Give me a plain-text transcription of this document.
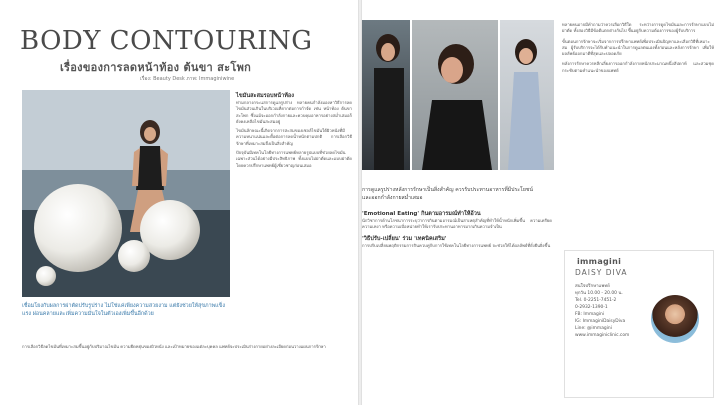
BODY CONTOURING
เรื่องของการลดหน้าท้อง ต้นขา สะโพก
เรื่อง: Beauty Desk ภาพ: Immaginiwine
เชื่อมโยงกับผลการผ่าตัดปรับรูปร่าง ไม่ใช่แค่เพียงความสวยงาม แต่ยังช่วยให้สุขภาพแข็งแรง ผ่อนคลายและเพิ่มความมั่นใจในตัวเองเพิ่มขึ้นอีกด้วย
ไขมันสะสมรอบหน้าท้อง

ท่ามกลางกระแสการดูแลรูปร่าง หลายคนกำลังมองหาวิธีการลดไขมันส่วนเกินในบริเวณที่ยากต่อการกำจัด เช่น หน้าท้อง ต้นขา สะโพก ซึ่งแม้จะออกกำลังกายและควบคุมอาหารอย่างสม่ำเสมอก็ยังคงเหลือไขมันสะสมอยู่

ไขมันลักษณะนี้เกิดจากการสะสมของเซลล์ไขมันใต้ผิวหนังที่มีความหนาแน่นและดื้อต่อการลดน้ำหนักตามปกติ การเลือกวิธีรักษาที่เหมาะสมจึงเป็นสิ่งสำคัญ

ปัจจุบันมีเทคโนโลยีทางการแพทย์หลายรูปแบบที่ช่วยลดไขมันเฉพาะส่วนได้อย่างมีประสิทธิภาพ ทั้งแบบไม่ผ่าตัดและแบบผ่าตัด โดยควรปรึกษาแพทย์ผู้เชี่ยวชาญก่อนเสมอ

การเลือกวิธีลดไขมันที่เหมาะสมขึ้นอยู่กับปริมาณไขมัน ความยืดหยุ่นของผิวหนัง และเป้าหมายของแต่ละบุคคล แพทย์จะประเมินร่างกายอย่างละเอียดก่อนวางแผนการรักษา

การดูแลรูปร่างหลังการรักษาเป็นสิ่งสำคัญ ควรรับประทานอาหารที่มีประโยชน์และออกกำลังกายสม่ำเสมอ
'Emotional Eating' กินตามอารมณ์ทำให้อ้วน

นักวิชาการด้านโภชนาการระบุว่าการกินตามอารมณ์เป็นสาเหตุสำคัญที่ทำให้น้ำหนักเพิ่มขึ้น ความเครียด ความเหงา หรือความเบื่อหน่ายทำให้เรารับประทานอาหารมากเกินความจำเป็น

'วิธีปรับ-เปลี่ยน' ร่วม 'เทคนิคเสริม'

การปรับเปลี่ยนพฤติกรรมการกินควบคู่กับการใช้เทคโนโลยีทางการแพทย์ จะช่วยให้ได้ผลลัพธ์ที่ยั่งยืนยิ่งขึ้น

หลายคนอาจมีคำถามว่าควรเลือกวิธีใด ระหว่างการดูดไขมันและการรักษาแบบไม่ผ่าตัด ทั้งสองวิธีมีข้อดีแตกต่างกันไป ขึ้นอยู่กับความต้องการของผู้รับบริการ

ขั้นตอนการรักษาจะเริ่มจากการปรึกษาแพทย์เพื่อประเมินปัญหาและเลือกวิธีที่เหมาะสม ผู้รับบริการจะได้รับคำแนะนำในการดูแลตนเองทั้งก่อนและหลังการรักษา เพื่อให้ผลลัพธ์ออกมาดีที่สุดและปลอดภัย

หลังการรักษาควรหลีกเลี่ยงการออกกำลังกายหนักประมาณหนึ่งสัปดาห์ และสวมชุดกระชับตามคำแนะนำของแพทย์

immagini
DAISY DIVA
สนใจปรึกษาแพทย์
ทุกวัน 10.00 - 20.00 น.
Tel. 0-2251-7451-2
0-2932-1390-1
FB: Immagini
IG: ImmaginiDaisyDiva
Line: @immagini
www.immaginiclinic.com
